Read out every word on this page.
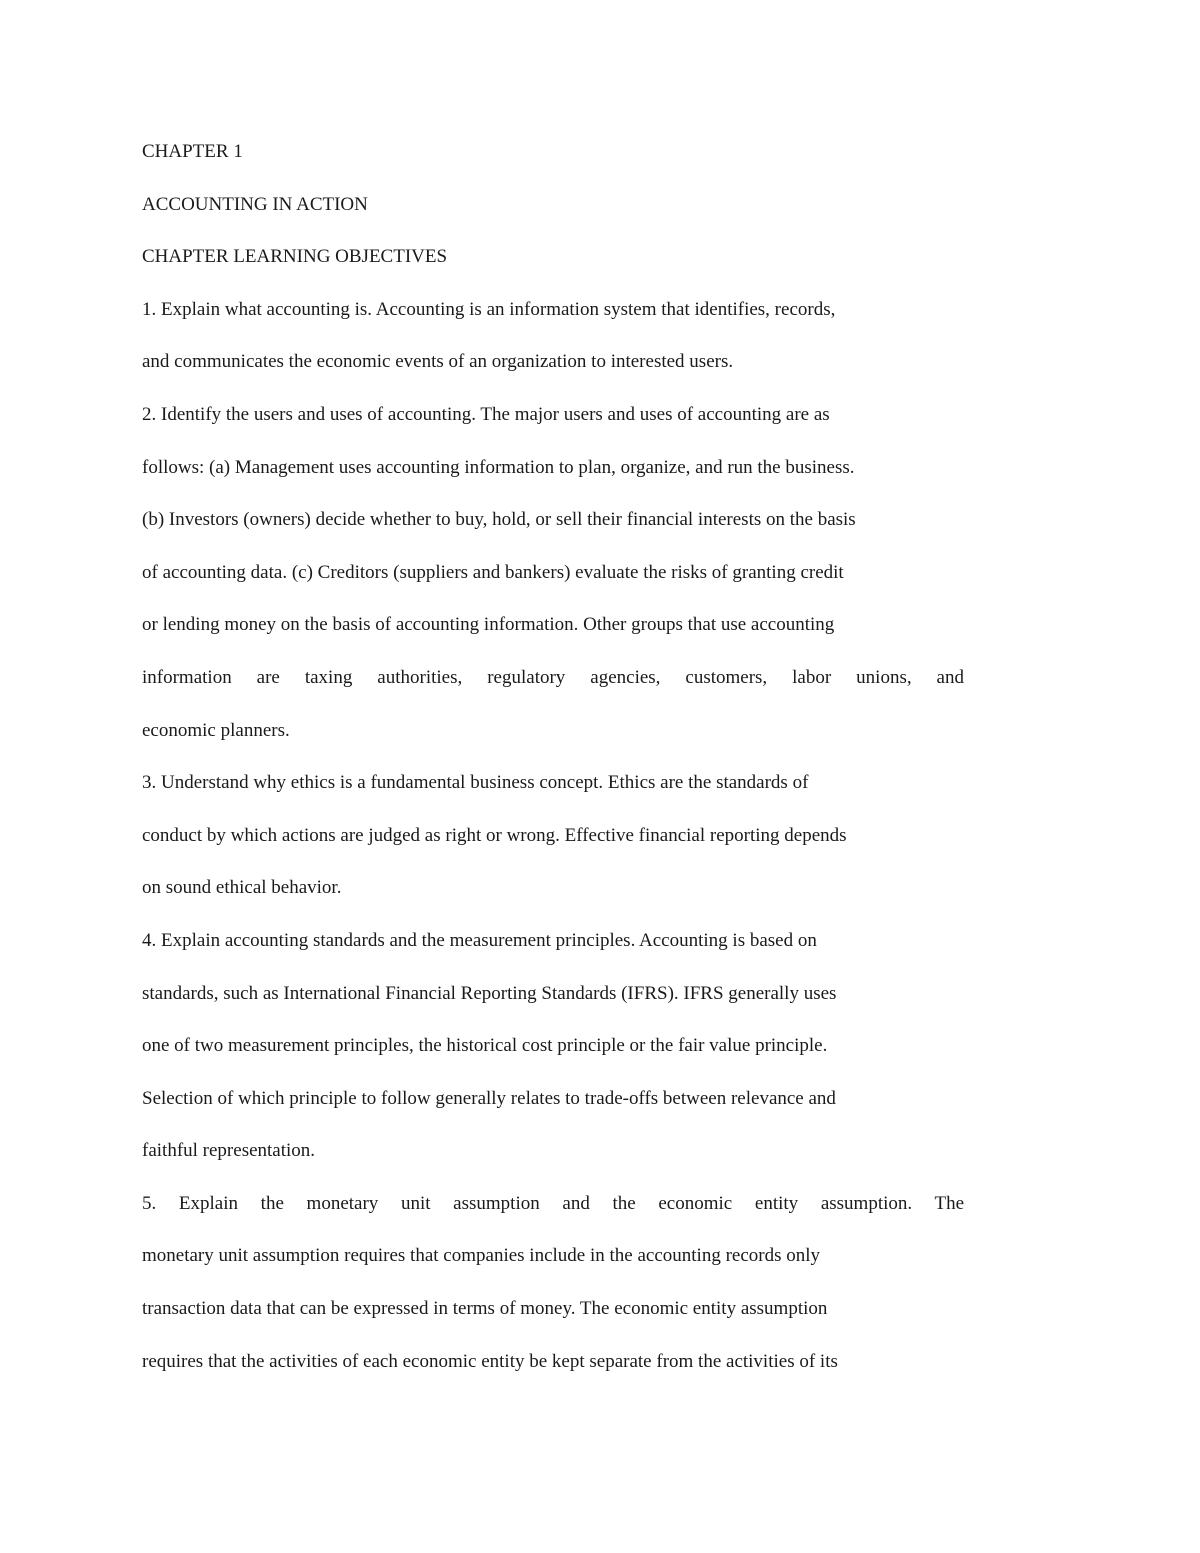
CHAPTER 1
ACCOUNTING IN ACTION
CHAPTER LEARNING OBJECTIVES
1. Explain what accounting is. Accounting is an information system that identifies, records,
and communicates the economic events of an organization to interested users.
2. Identify the users and uses of accounting. The major users and uses of accounting are as
follows: (a) Management uses accounting information to plan, organize, and run the business.
(b) Investors (owners) decide whether to buy, hold, or sell their financial interests on the basis
of accounting data. (c) Creditors (suppliers and bankers) evaluate the risks of granting credit
or lending money on the basis of accounting information. Other groups that use accounting
information are taxing authorities, regulatory agencies, customers, labor unions, and
economic planners.
3. Understand why ethics is a fundamental business concept. Ethics are the standards of
conduct by which actions are judged as right or wrong. Effective financial reporting depends
on sound ethical behavior.
4. Explain accounting standards and the measurement principles. Accounting is based on
standards, such as International Financial Reporting Standards (IFRS). IFRS generally uses
one of two measurement principles, the historical cost principle or the fair value principle.
Selection of which principle to follow generally relates to trade-offs between relevance and
faithful representation.
5. Explain the monetary unit assumption and the economic entity assumption. The
monetary unit assumption requires that companies include in the accounting records only
transaction data that can be expressed in terms of money. The economic entity assumption
requires that the activities of each economic entity be kept separate from the activities of its
